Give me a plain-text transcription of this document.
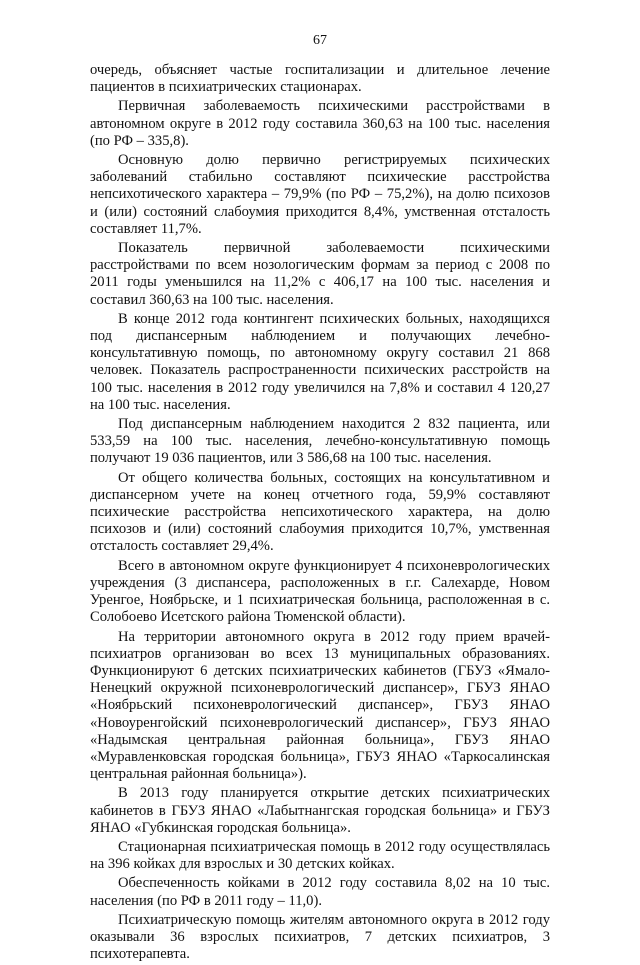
67

очередь, объясняет частые госпитализации и длительное лечение пациентов в психиатрических стационарах.

Первичная заболеваемость психическими расстройствами в автономном округе в 2012 году составила 360,63 на 100 тыс. населения (по РФ – 335,8).

Основную долю первично регистрируемых психических заболеваний стабильно составляют психические расстройства непсихотического характера – 79,9% (по РФ – 75,2%), на долю психозов и (или) состояний слабоумия приходится 8,4%, умственная отсталость составляет 11,7%.

Показатель первичной заболеваемости психическими расстройствами по всем нозологическим формам за период с 2008 по 2011 годы уменьшился на 11,2% с 406,17 на 100 тыс. населения и составил 360,63 на 100 тыс. населения.

В конце 2012 года контингент психических больных, находящихся под диспансерным наблюдением и получающих лечебно-консультативную помощь, по автономному округу составил 21 868 человек. Показатель распространенности психических расстройств на 100 тыс. населения в 2012 году увеличился на 7,8% и составил 4 120,27 на 100 тыс. населения.

Под диспансерным наблюдением находится 2 832 пациента, или 533,59 на 100 тыс. населения, лечебно-консультативную помощь получают 19 036 пациентов, или 3 586,68 на 100 тыс. населения.

От общего количества больных, состоящих на консультативном и диспансерном учете на конец отчетного года, 59,9% составляют психические расстройства непсихотического характера, на долю психозов и (или) состояний слабоумия приходится 10,7%, умственная отсталость составляет 29,4%.

Всего в автономном округе функционирует 4 психоневрологических учреждения (3 диспансера, расположенных в г.г. Салехарде, Новом Уренгое, Ноябрьске, и 1 психиатрическая больница, расположенная в с. Солобоево Исетского района Тюменской области).

На территории автономного округа в 2012 году прием врачей-психиатров организован во всех 13 муниципальных образованиях. Функционируют 6 детских психиатрических кабинетов (ГБУЗ «Ямало-Ненецкий окружной психоневрологический диспансер», ГБУЗ ЯНАО «Ноябрьский психоневрологический диспансер», ГБУЗ ЯНАО «Новоуренгойский психоневрологический диспансер», ГБУЗ ЯНАО «Надымская центральная районная больница», ГБУЗ ЯНАО «Муравленковская городская больница», ГБУЗ ЯНАО «Таркосалинская центральная районная больница»).

В 2013 году планируется открытие детских психиатрических кабинетов в ГБУЗ ЯНАО «Лабытнангская городская больница» и ГБУЗ ЯНАО «Губкинская городская больница».

Стационарная психиатрическая помощь в 2012 году осуществлялась на 396 койках для взрослых и 30 детских койках.

Обеспеченность койками в 2012 году составила 8,02 на 10 тыс. населения (по РФ в 2011 году – 11,0).

Психиатрическую помощь жителям автономного округа в 2012 году оказывали 36 взрослых психиатров, 7 детских психиатров, 3 психотерапевта.
